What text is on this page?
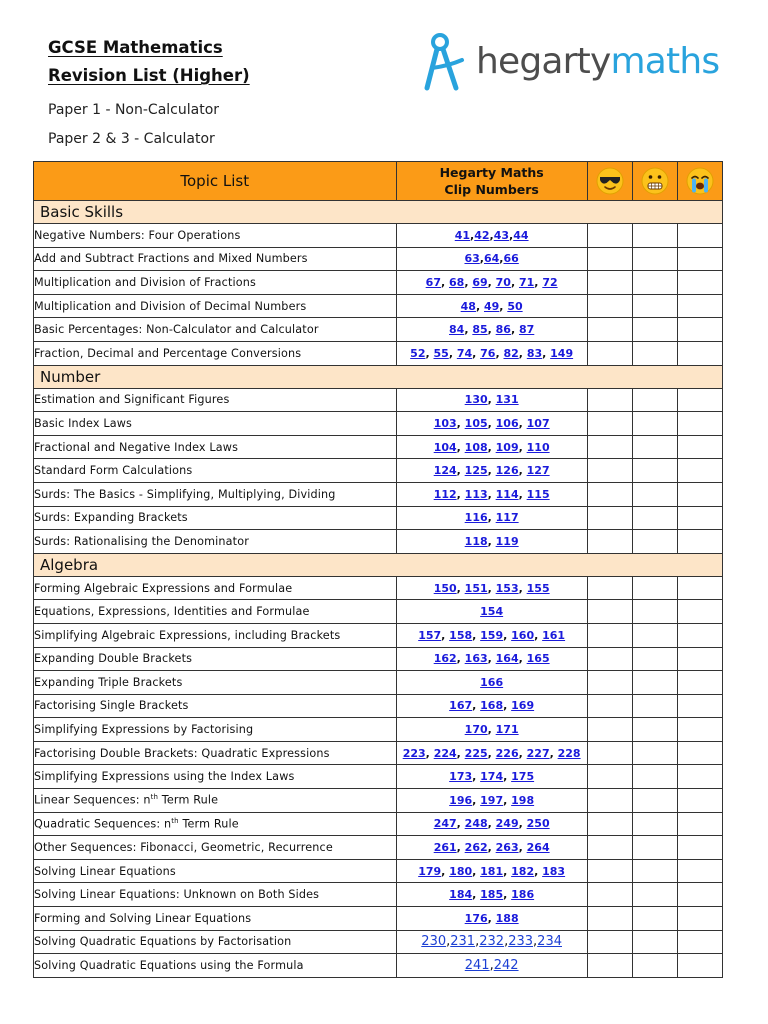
GCSE Mathematics
Revision List (Higher)
Paper 1 - Non-Calculator
Paper 2 & 3 - Calculator
hegartymaths
Topic List	Hegarty Maths
Clip Numbers

Basic Skills				
Negative Numbers: Four Operations	41,42,43,44			
Add and Subtract Fractions and Mixed Numbers	63,64,66			
Multiplication and Division of Fractions	67, 68, 69, 70, 71, 72			
Multiplication and Division of Decimal Numbers	48, 49, 50			
Basic Percentages: Non-Calculator and Calculator	84, 85, 86, 87			
Fraction, Decimal and Percentage Conversions	52, 55, 74, 76, 82, 83, 149			
Number				
Estimation and Significant Figures	130, 131			
Basic Index Laws	103, 105, 106, 107			
Fractional and Negative Index Laws	104, 108, 109, 110			
Standard Form Calculations	124, 125, 126, 127			
Surds: The Basics - Simplifying, Multiplying, Dividing	112, 113, 114, 115			
Surds: Expanding Brackets	116, 117			
Surds: Rationalising the Denominator	118, 119			
Algebra				
Forming Algebraic Expressions and Formulae	150, 151, 153, 155			
Equations, Expressions, Identities and Formulae	154			
Simplifying Algebraic Expressions, including Brackets	157, 158, 159, 160, 161			
Expanding Double Brackets	162, 163, 164, 165			
Expanding Triple Brackets	166			
Factorising Single Brackets	167, 168, 169			
Simplifying Expressions by Factorising	170, 171			
Factorising Double Brackets: Quadratic Expressions	223, 224, 225, 226, 227, 228			
Simplifying Expressions using the Index Laws	173, 174, 175			
Linear Sequences: $n^{th}$ Term Rule	196, 197, 198			
Quadratic Sequences: $n^{th}$ Term Rule	247, 248, 249, 250			
Other Sequences: Fibonacci, Geometric, Recurrence	261, 262, 263, 264			
Solving Linear Equations	179, 180, 181, 182, 183			
Solving Linear Equations: Unknown on Both Sides	184, 185, 186			
Forming and Solving Linear Equations	176, 188			
Solving Quadratic Equations by Factorisation	230,231,232,233,234			
Solving Quadratic Equations using the Formula	241,242			
